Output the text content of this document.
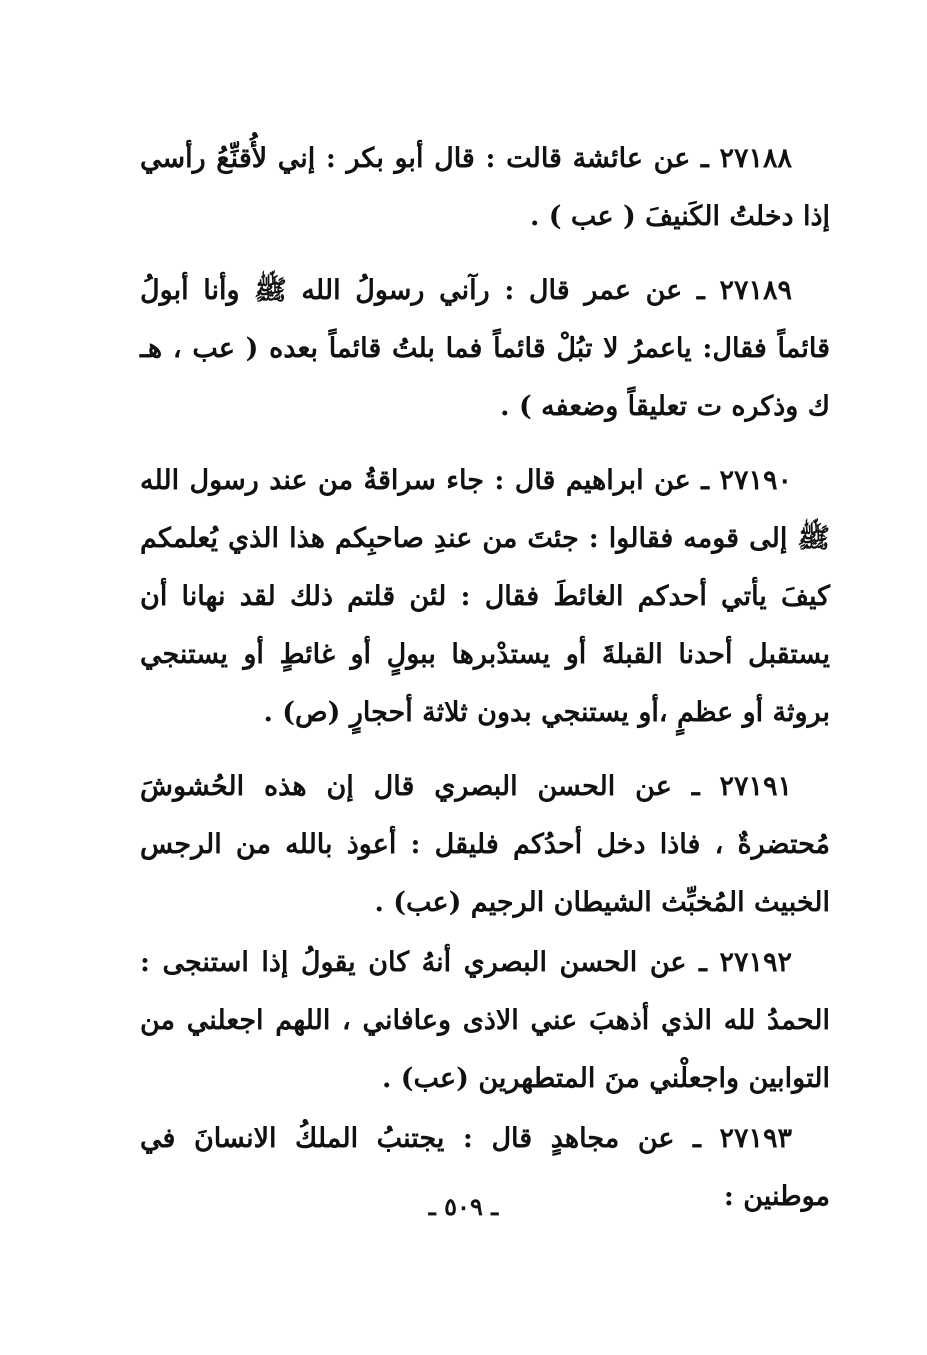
٢٧١٨٨ ـ عن عائشة قالت : قال أبو بكر : إني لأُقنِّعُ رأسي إذا دخلتُ الكَنيفَ ( عب ) .

٢٧١٨٩ ـ عن عمر قال : رآني رسولُ الله ﷺ وأنا أبولُ قائماً فقال: ياعمرُ لا تبُلْ قائماً فما بلتُ قائماً بعده ( عب ، هـ ك وذكره ت تعليقاً وضعفه ) .

٢٧١٩٠ ـ عن ابراهيم قال : جاء سراقةُ من عند رسول الله ﷺ إلى قومه فقالوا : جئتَ من عندِ صاحبِكم هذا الذي يُعلمكم كيفَ يأتي أحدكم الغائطَ فقال : لئن قلتم ذلك لقد نهانا أن يستقبل أحدنا القبلةَ أو يستدْبرها ببولٍ أو غائطٍ أو يستنجي بروثة أو عظمٍ ،أو يستنجي بدون ثلاثة أحجارٍ (ص) .

٢٧١٩١ ـ عن الحسن البصري قال إن هذه الحُشوشَ مُحتضرةٌ ، فاذا دخل أحدُكم فليقل : أعوذ بالله من الرجس الخبيث المُخبِّث الشيطان الرجيم (عب) .

٢٧١٩٢ ـ عن الحسن البصري أنهُ كان يقولُ إذا استنجى : الحمدُ لله الذي أذهبَ عني الاذى وعافاني ، اللهم اجعلني من التوابين واجعلْني منَ المتطهرين (عب) .

٢٧١٩٣ ـ عن مجاهدٍ قال : يجتنبُ الملكُ الانسانَ في موطنين :

ـ ٥٠٩ ـ
